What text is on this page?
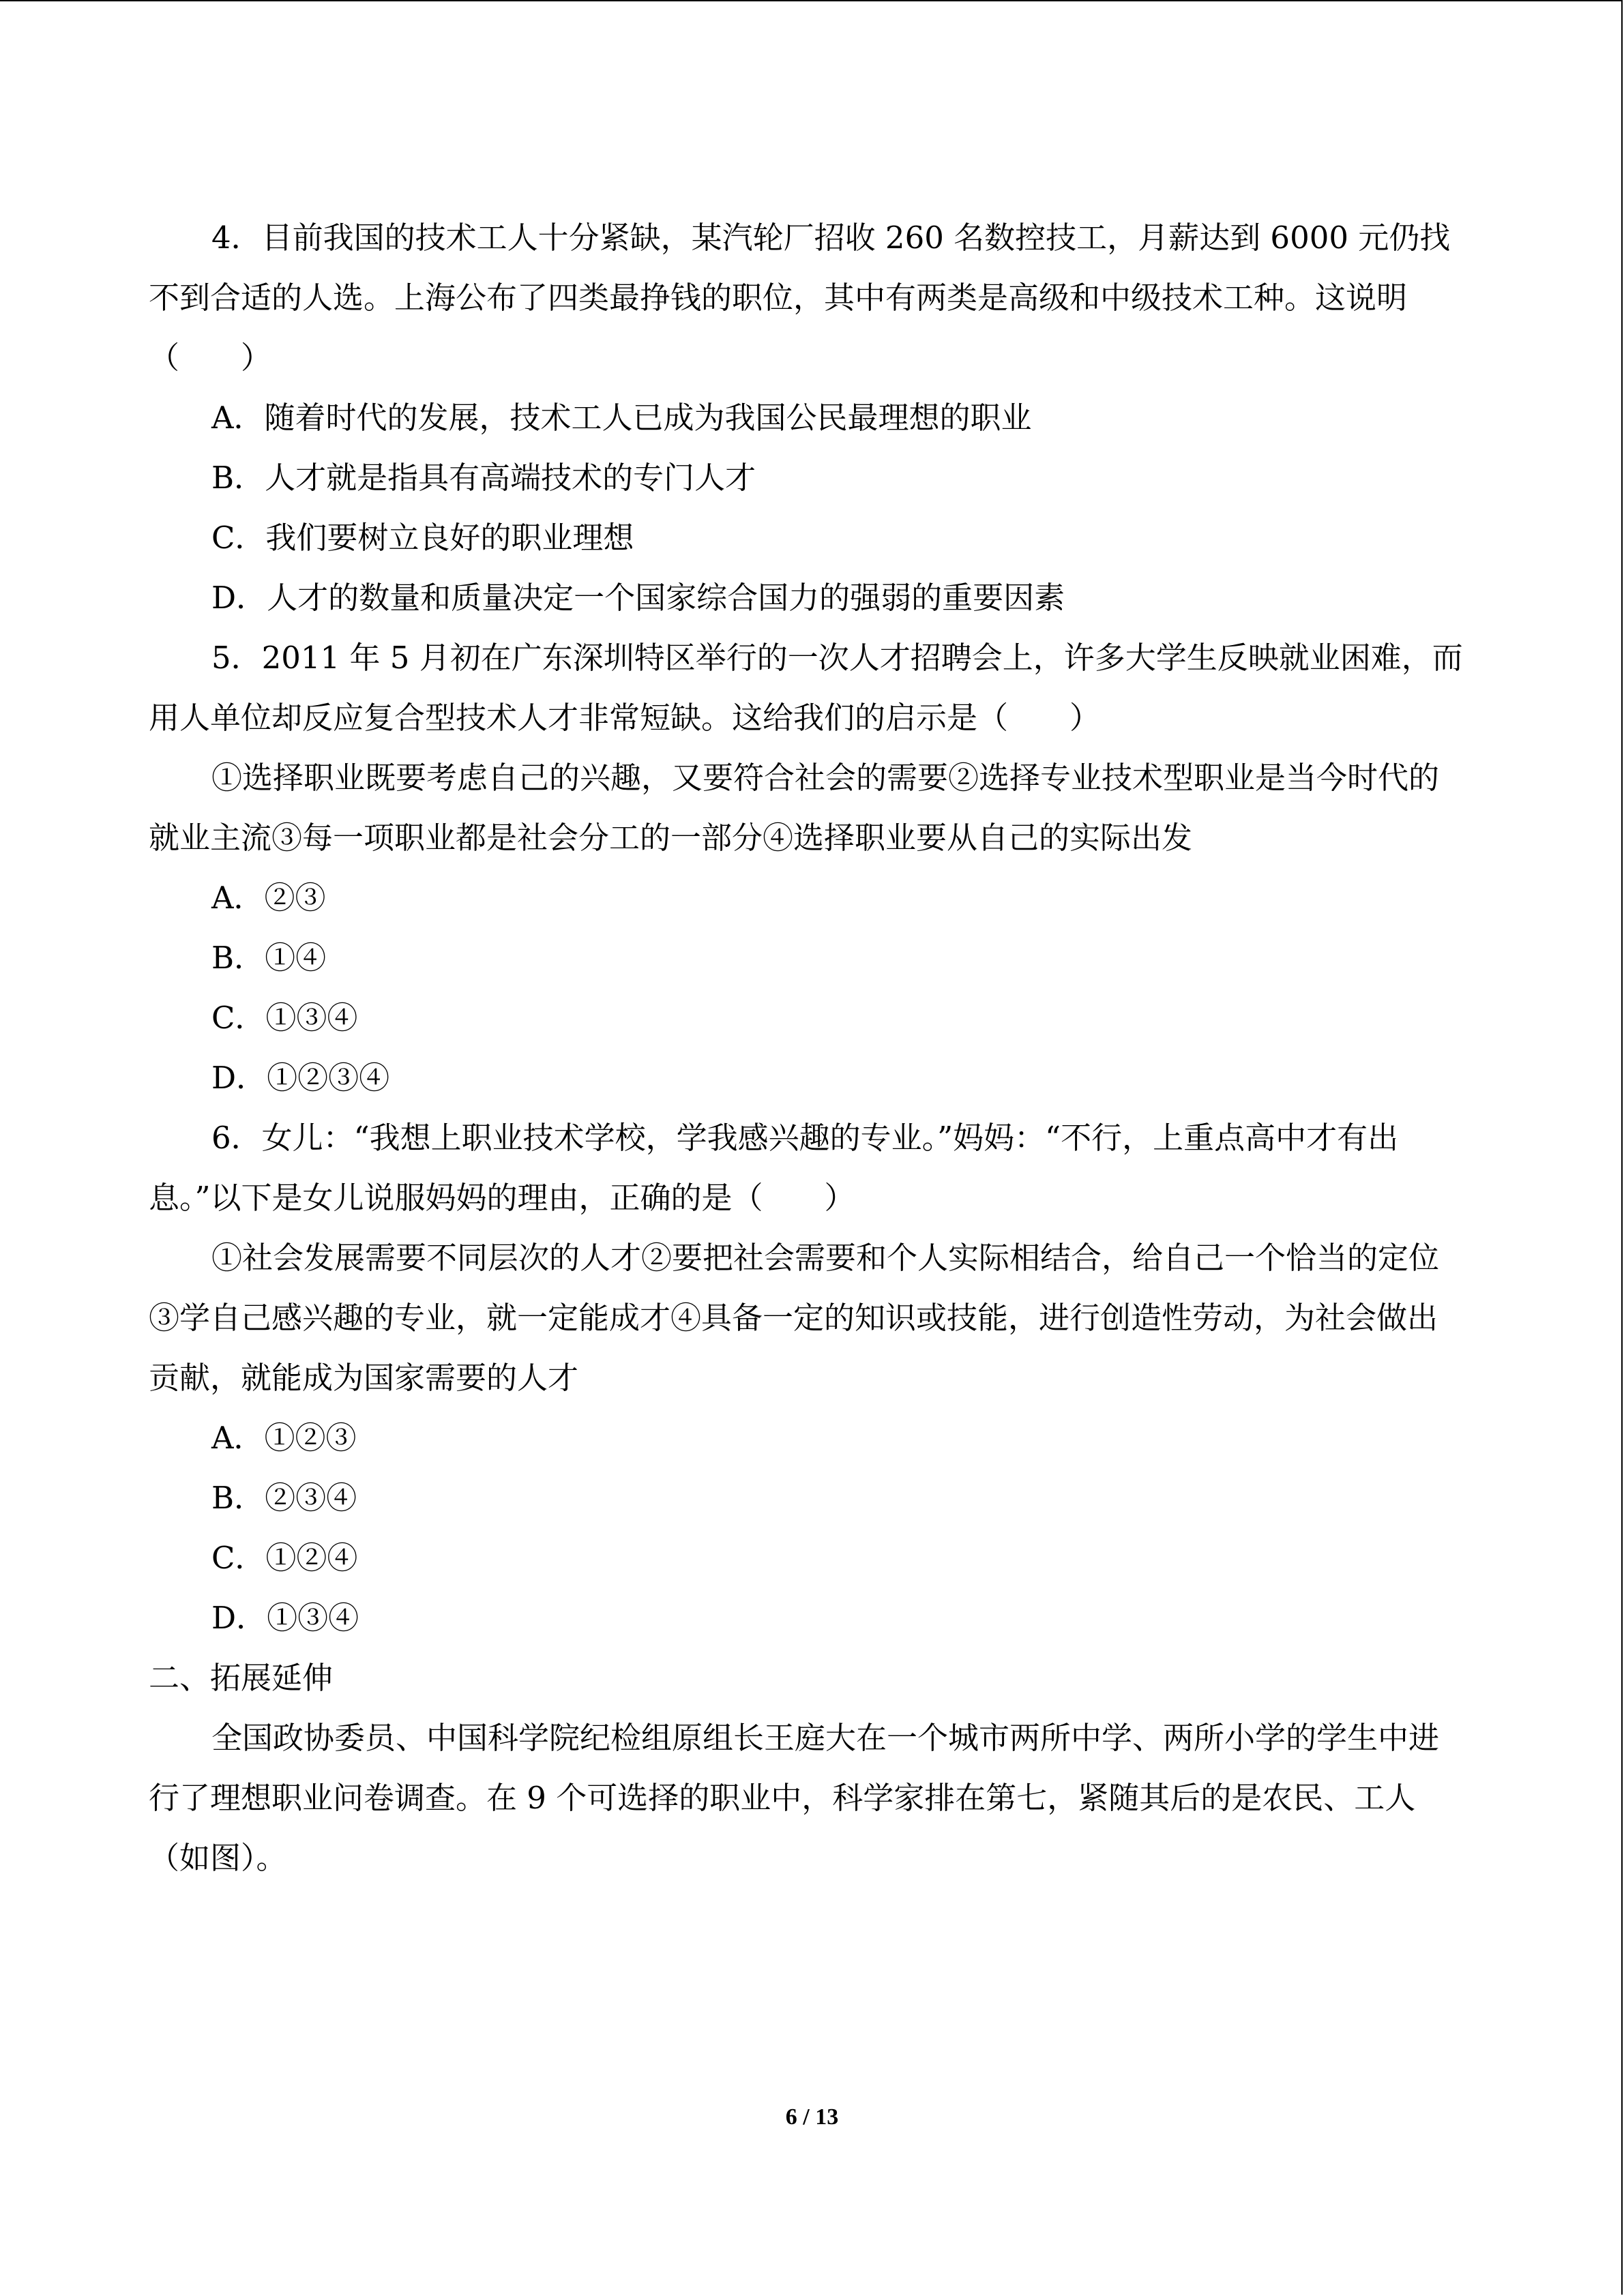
4．目前我国的技术工人十分紧缺，某汽轮厂招收 260 名数控技工，月薪达到 6000 元仍找不到合适的人选。上海公布了四类最挣钱的职位，其中有两类是高级和中级技术工种。这说明（　　）

A．随着时代的发展，技术工人已成为我国公民最理想的职业

B．人才就是指具有高端技术的专门人才

C．我们要树立良好的职业理想

D．人才的数量和质量决定一个国家综合国力的强弱的重要因素

5．2011 年 5 月初在广东深圳特区举行的一次人才招聘会上，许多大学生反映就业困难，而用人单位却反应复合型技术人才非常短缺。这给我们的启示是（　　）

①选择职业既要考虑自己的兴趣，又要符合社会的需要②选择专业技术型职业是当今时代的就业主流③每一项职业都是社会分工的一部分④选择职业要从自己的实际出发

A．②③

B．①④

C．①③④

D．①②③④

6．女儿：“我想上职业技术学校，学我感兴趣的专业。”妈妈：“不行，上重点高中才有出息。”以下是女儿说服妈妈的理由，正确的是（　　）

①社会发展需要不同层次的人才②要把社会需要和个人实际相结合，给自己一个恰当的定位③学自己感兴趣的专业，就一定能成才④具备一定的知识或技能，进行创造性劳动，为社会做出贡献，就能成为国家需要的人才

A．①②③

B．②③④

C．①②④

D．①③④

二、拓展延伸

全国政协委员、中国科学院纪检组原组长王庭大在一个城市两所中学、两所小学的学生中进行了理想职业问卷调查。在 9 个可选择的职业中，科学家排在第七，紧随其后的是农民、工人（如图）。

6 / 13
